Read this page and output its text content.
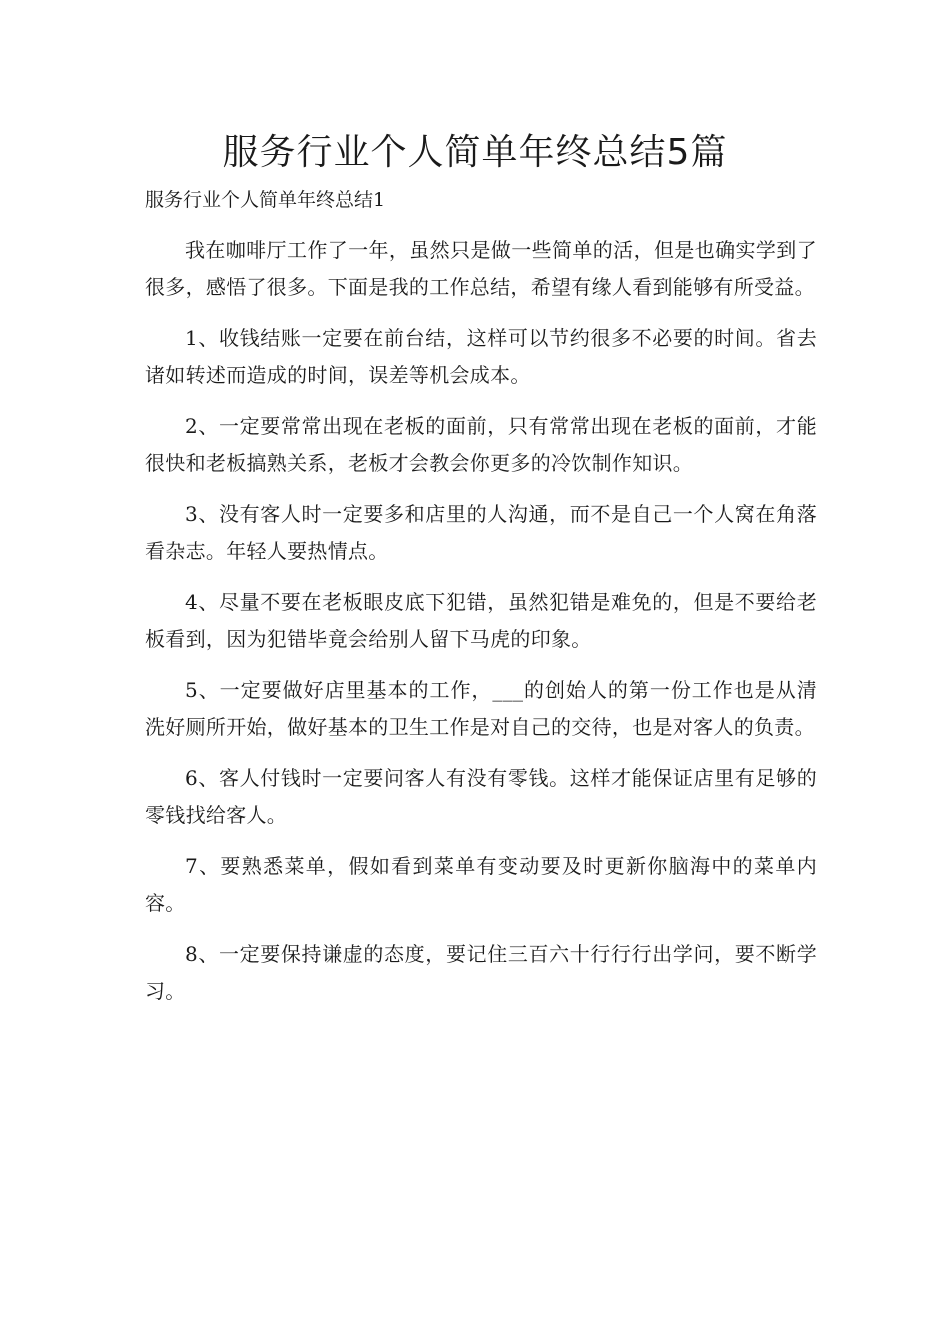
服务行业个人简单年终总结5篇

服务行业个人简单年终总结1

我在咖啡厅工作了一年，虽然只是做一些简单的活，但是也确实学到了很多，感悟了很多。下面是我的工作总结，希望有缘人看到能够有所受益。

1、收钱结账一定要在前台结，这样可以节约很多不必要的时间。省去诸如转述而造成的时间，误差等机会成本。

2、一定要常常出现在老板的面前，只有常常出现在老板的面前，才能很快和老板搞熟关系，老板才会教会你更多的冷饮制作知识。

3、没有客人时一定要多和店里的人沟通，而不是自己一个人窝在角落看杂志。年轻人要热情点。

4、尽量不要在老板眼皮底下犯错，虽然犯错是难免的，但是不要给老板看到，因为犯错毕竟会给别人留下马虎的印象。

5、一定要做好店里基本的工作，___的创始人的第一份工作也是从清洗好厕所开始，做好基本的卫生工作是对自己的交待，也是对客人的负责。

6、客人付钱时一定要问客人有没有零钱。这样才能保证店里有足够的零钱找给客人。

7、要熟悉菜单，假如看到菜单有变动要及时更新你脑海中的菜单内容。

8、一定要保持谦虚的态度，要记住三百六十行行行出学问，要不断学习。
